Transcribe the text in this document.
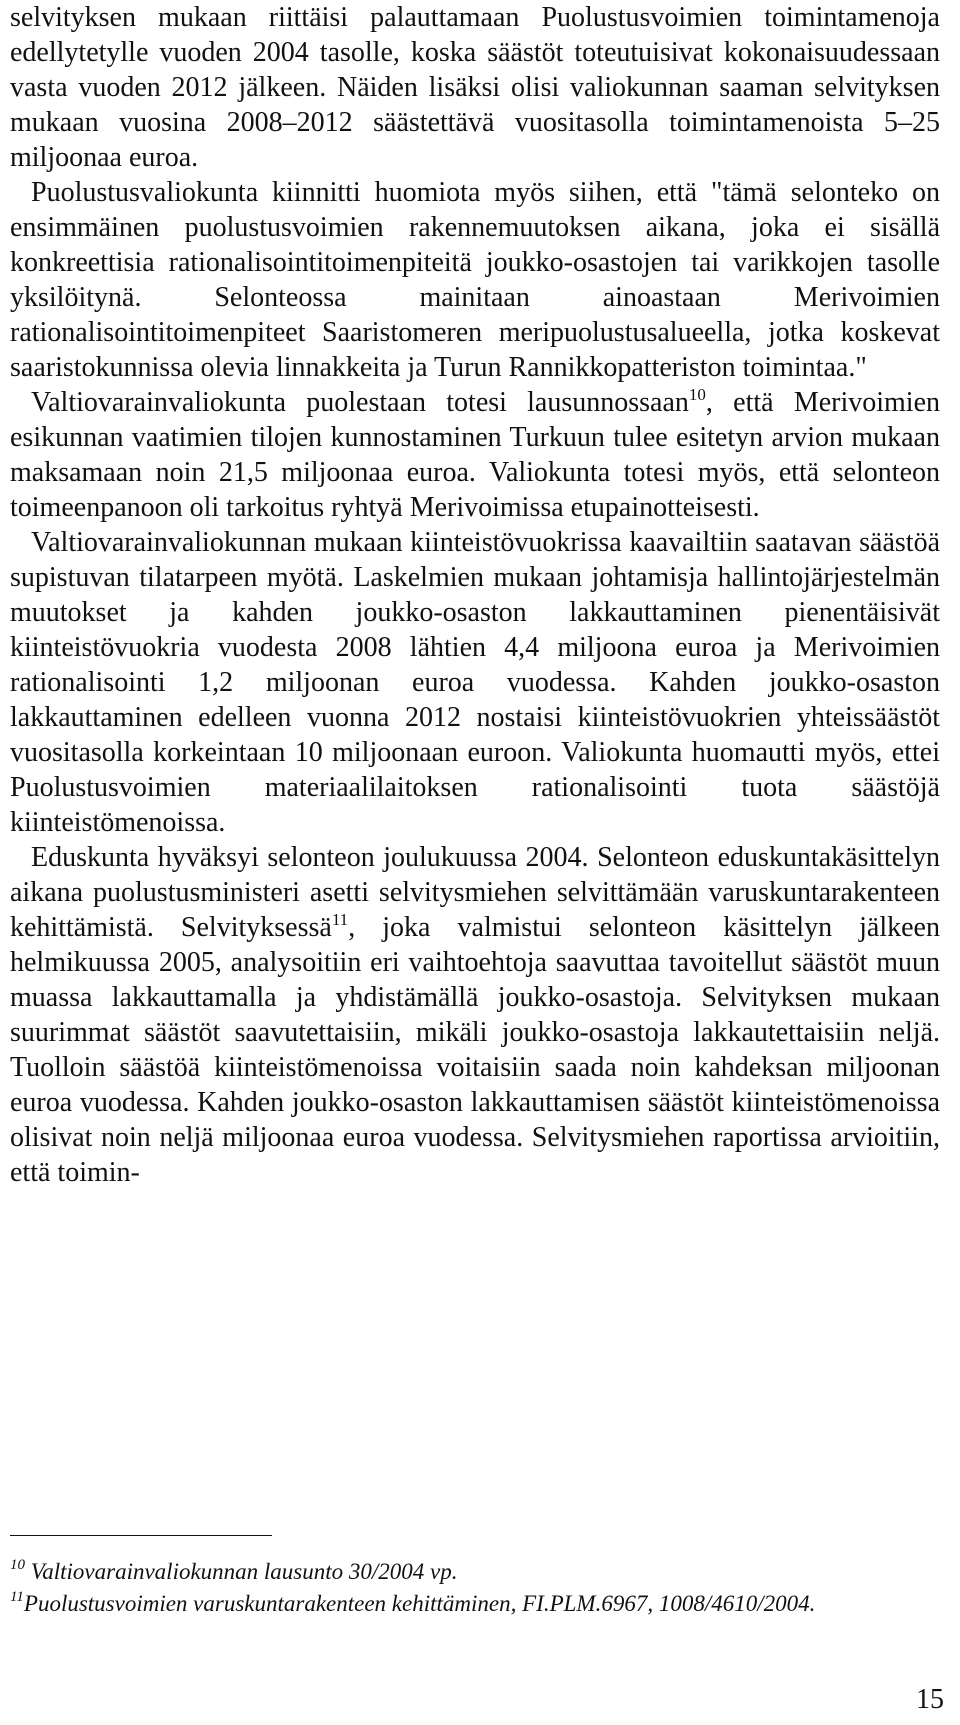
selvityksen mukaan riittäisi palauttamaan Puolustusvoimien toimintamenoja edellytetylle vuoden 2004 tasolle, koska säästöt toteutuisivat kokonaisuudessaan vasta vuoden 2012 jälkeen. Näiden lisäksi olisi valiokunnan saaman selvityksen mukaan vuosina 2008–2012 säästettävä vuositasolla toimintamenoista 5–25 miljoonaa euroa.

Puolustusvaliokunta kiinnitti huomiota myös siihen, että "tämä selonteko on ensimmäinen puolustusvoimien rakennemuutoksen aikana, joka ei sisällä konkreettisia rationalisointitoimenpiteitä joukko-osastojen tai varikkojen tasolle yksilöitynä. Selonteossa mainitaan ainoastaan Merivoimien rationalisointitoimenpiteet Saaristomeren meripuolustusalueella, jotka koskevat saaristokunnissa olevia linnakkeita ja Turun Rannikkopatteriston toimintaa."

Valtiovarainvaliokunta puolestaan totesi lausunnossaan$^{10}$, että Merivoimien esikunnan vaatimien tilojen kunnostaminen Turkuun tulee esitetyn arvion mukaan maksamaan noin 21,5 miljoonaa euroa. Valiokunta totesi myös, että selonteon toimeenpanoon oli tarkoitus ryhtyä Merivoimissa etupainotteisesti.

Valtiovarainvaliokunnan mukaan kiinteistövuokrissa kaavailtiin saatavan säästöä supistuvan tilatarpeen myötä. Laskelmien mukaan johtamisja hallintojärjestelmän muutokset ja kahden joukko-osaston lakkauttaminen pienentäisivät kiinteistövuokria vuodesta 2008 lähtien 4,4 miljoona euroa ja Merivoimien rationalisointi 1,2 miljoonan euroa vuodessa. Kahden joukko-osaston lakkauttaminen edelleen vuonna 2012 nostaisi kiinteistövuokrien yhteissäästöt vuositasolla korkeintaan 10 miljoonaan euroon. Valiokunta huomautti myös, ettei Puolustusvoimien materiaalilaitoksen rationalisointi tuota säästöjä kiinteistömenoissa.

Eduskunta hyväksyi selonteon joulukuussa 2004. Selonteon eduskuntakäsittelyn aikana puolustusministeri asetti selvitysmiehen selvittämään varuskuntarakenteen kehittämistä. Selvityksessä$^{11}$, joka valmistui selonteon käsittelyn jälkeen helmikuussa 2005, analysoitiin eri vaihtoehtoja saavuttaa tavoitellut säästöt muun muassa lakkauttamalla ja yhdistämällä joukko-osastoja. Selvityksen mukaan suurimmat säästöt saavutettaisiin, mikäli joukko-osastoja lakkautettaisiin neljä. Tuolloin säästöä kiinteistömenoissa voitaisiin saada noin kahdeksan miljoonan euroa vuodessa. Kahden joukko-osaston lakkauttamisen säästöt kiinteistömenoissa olisivat noin neljä miljoonaa euroa vuodessa. Selvitysmiehen raportissa arvioitiin, että toimin-

$^{10}$ Valtiovarainvaliokunnan lausunto 30/2004 vp.

$^{11}$Puolustusvoimien varuskuntarakenteen kehittäminen, FI.PLM.6967, 1008/4610/2004.

15
